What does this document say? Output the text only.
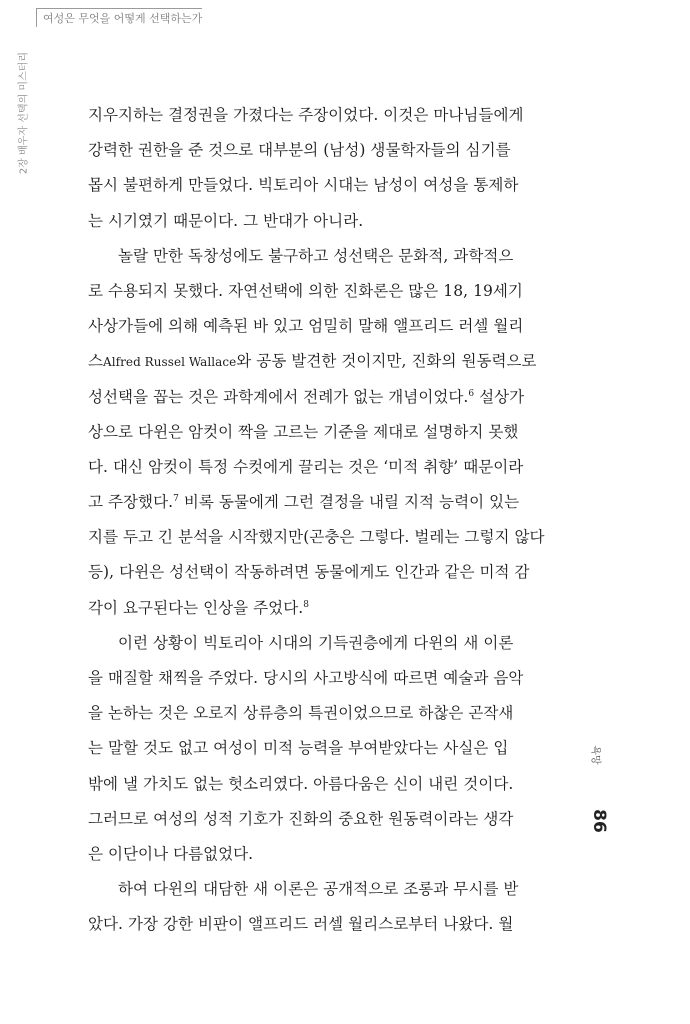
여성은 무엇을 어떻게 선택하는가
2장 배우자 선택의 미스터리
욕망
86
지우지하는 결정권을 가졌다는 주장이었다. 이것은 마나님들에게
강력한 권한을 준 것으로 대부분의 (남성) 생물학자들의 심기를
몹시 불편하게 만들었다. 빅토리아 시대는 남성이 여성을 통제하
는 시기였기 때문이다. 그 반대가 아니라.
놀랄 만한 독창성에도 불구하고 성선택은 문화적, 과학적으
로 수용되지 못했다. 자연선택에 의한 진화론은 많은 18, 19세기
사상가들에 의해 예측된 바 있고 엄밀히 말해 앨프리드 러셀 월리
스Alfred Russel Wallace와 공동 발견한 것이지만, 진화의 원동력으로
성선택을 꼽는 것은 과학계에서 전례가 없는 개념이었다.$^6$ 설상가
상으로 다윈은 암컷이 짝을 고르는 기준을 제대로 설명하지 못했
다. 대신 암컷이 특정 수컷에게 끌리는 것은 ‘미적 취향’ 때문이라
고 주장했다.$^7$ 비록 동물에게 그런 결정을 내릴 지적 능력이 있는
지를 두고 긴 분석을 시작했지만(곤충은 그렇다. 벌레는 그렇지 않다
등), 다윈은 성선택이 작동하려면 동물에게도 인간과 같은 미적 감
각이 요구된다는 인상을 주었다.$^8$
이런 상황이 빅토리아 시대의 기득권층에게 다윈의 새 이론
을 매질할 채찍을 주었다. 당시의 사고방식에 따르면 예술과 음악
을 논하는 것은 오로지 상류층의 특권이었으므로 하찮은 곤작새
는 말할 것도 없고 여성이 미적 능력을 부여받았다는 사실은 입
밖에 낼 가치도 없는 헛소리였다. 아름다움은 신이 내린 것이다.
그러므로 여성의 성적 기호가 진화의 중요한 원동력이라는 생각
은 이단이나 다름없었다.
하여 다윈의 대담한 새 이론은 공개적으로 조롱과 무시를 받
았다. 가장 강한 비판이 앨프리드 러셀 월리스로부터 나왔다. 월
